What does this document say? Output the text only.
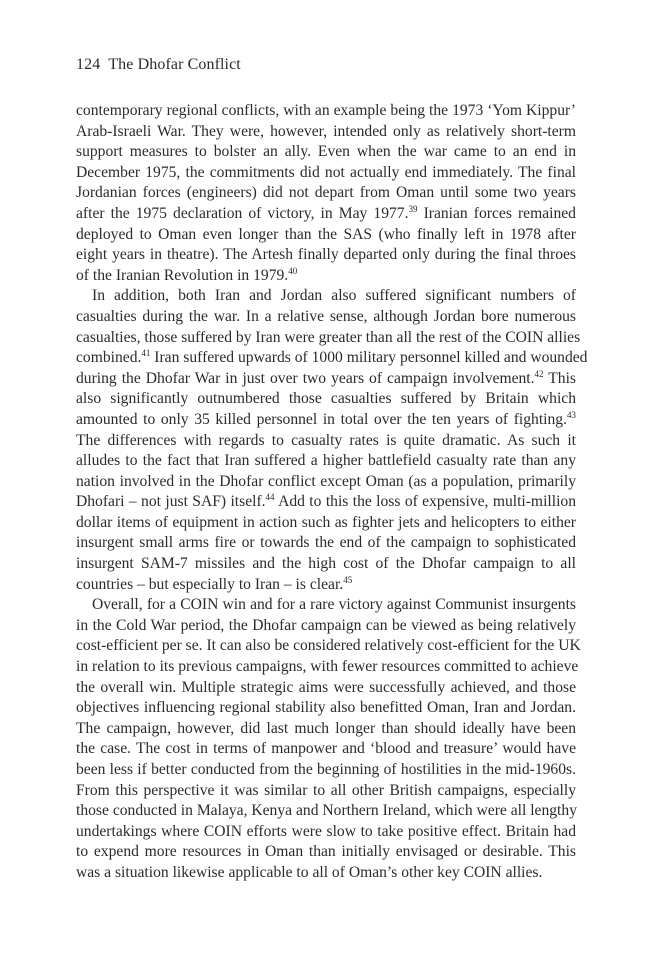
124 The Dhofar Conflict
contemporary regional conflicts, with an example being the 1973 ‘Yom Kippur’
Arab-Israeli War. They were, however, intended only as relatively short-term
support measures to bolster an ally. Even when the war came to an end in
December 1975, the commitments did not actually end immediately. The final
Jordanian forces (engineers) did not depart from Oman until some two years
after the 1975 declaration of victory, in May 1977.39 Iranian forces remained
deployed to Oman even longer than the SAS (who finally left in 1978 after
eight years in theatre). The Artesh finally departed only during the final throes
of the Iranian Revolution in 1979.40
In addition, both Iran and Jordan also suffered significant numbers of
casualties during the war. In a relative sense, although Jordan bore numerous
casualties, those suffered by Iran were greater than all the rest of the COIN allies
combined.$^{41}$ Iran suffered upwards of 1000 military personnel killed and wounded
during the Dhofar War in just over two years of campaign involvement.$^{42}$ This
also significantly outnumbered those casualties suffered by Britain which
amounted to only 35 killed personnel in total over the ten years of fighting.$^{43}$
The differences with regards to casualty rates is quite dramatic. As such it
alludes to the fact that Iran suffered a higher battlefield casualty rate than any
nation involved in the Dhofar conflict except Oman (as a population, primarily
Dhofari – not just SAF) itself.$^{44}$ Add to this the loss of expensive, multi-million
dollar items of equipment in action such as fighter jets and helicopters to either
insurgent small arms fire or towards the end of the campaign to sophisticated
insurgent SAM-7 missiles and the high cost of the Dhofar campaign to all
countries – but especially to Iran – is clear.$^{45}$
Overall, for a COIN win and for a rare victory against Communist insurgents
in the Cold War period, the Dhofar campaign can be viewed as being relatively
cost-efficient per se. It can also be considered relatively cost-efficient for the UK
in relation to its previous campaigns, with fewer resources committed to achieve
the overall win. Multiple strategic aims were successfully achieved, and those
objectives influencing regional stability also benefitted Oman, Iran and Jordan.
The campaign, however, did last much longer than should ideally have been
the case. The cost in terms of manpower and ‘blood and treasure’ would have
been less if better conducted from the beginning of hostilities in the mid-1960s.
From this perspective it was similar to all other British campaigns, especially
those conducted in Malaya, Kenya and Northern Ireland, which were all lengthy
undertakings where COIN efforts were slow to take positive effect. Britain had
to expend more resources in Oman than initially envisaged or desirable. This
was a situation likewise applicable to all of Oman’s other key COIN allies.
